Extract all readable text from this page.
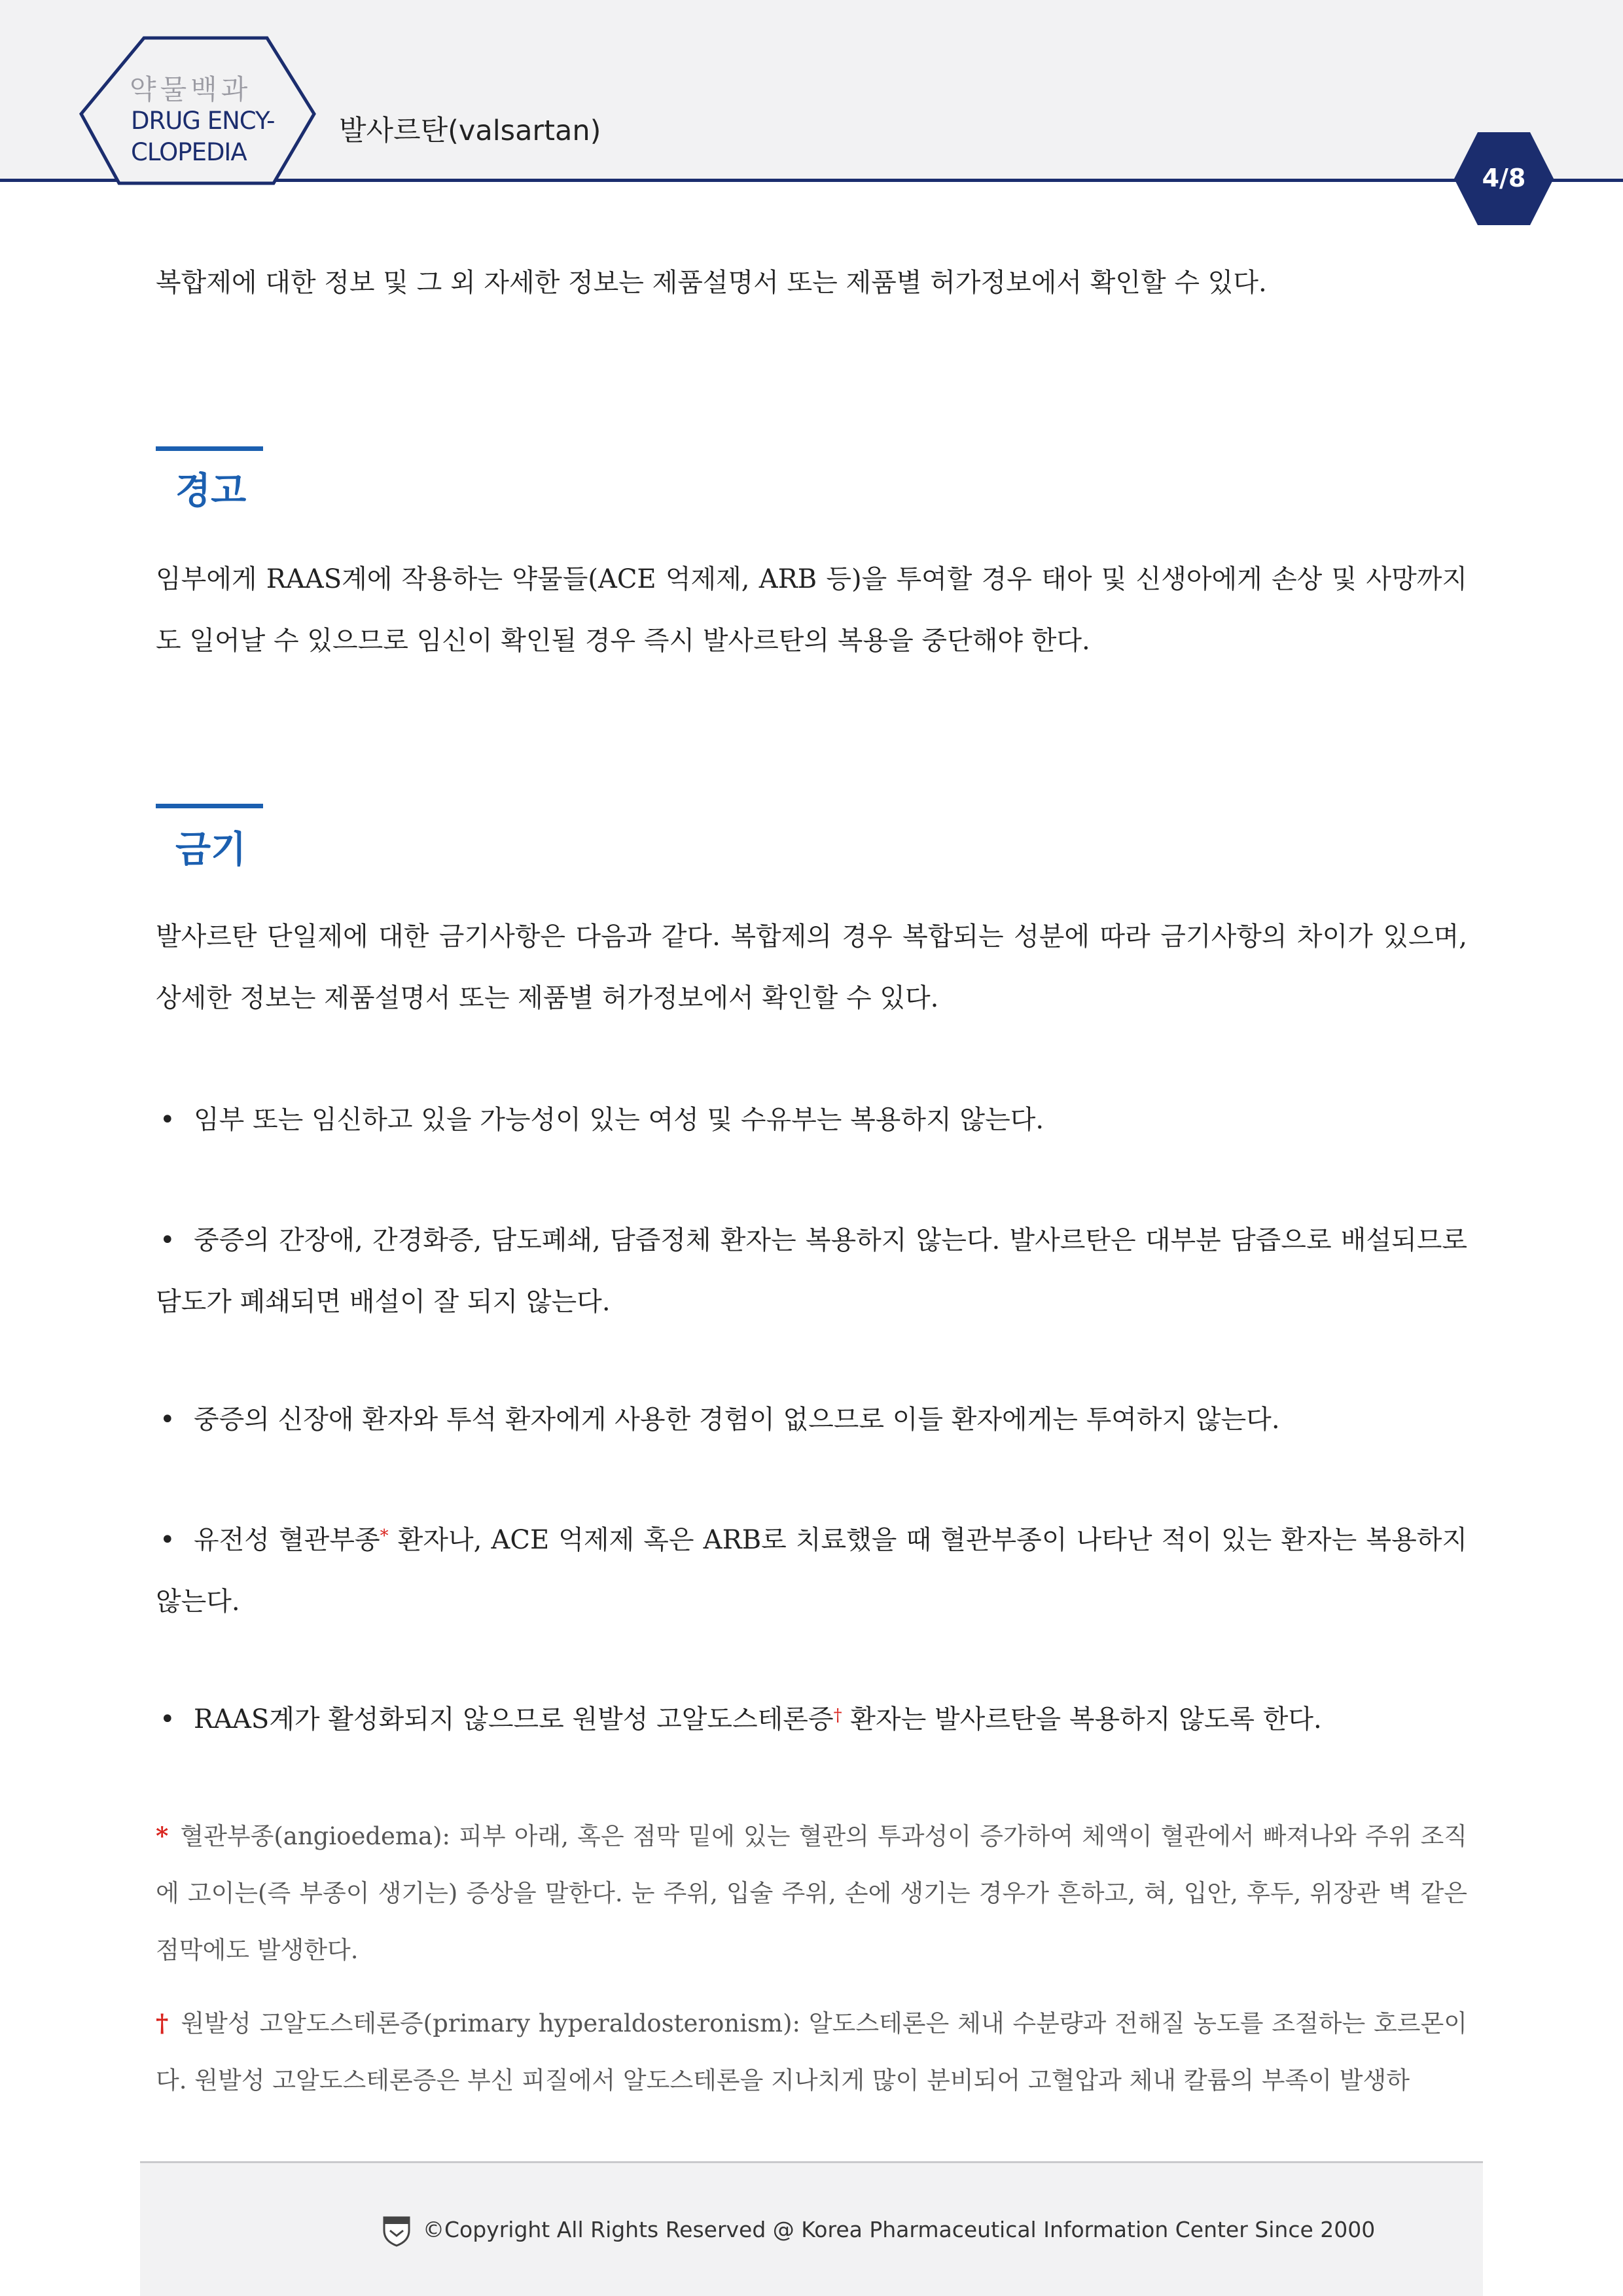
약물백과
DRUG ENCY-
CLOPEDIA
발사르탄(valsartan)
4/8
복합제에 대한 정보 및 그 외 자세한 정보는 제품설명서 또는 제품별 허가정보에서 확인할 수 있다.
경고
임부에게 RAAS계에 작용하는 약물들(ACE 억제제, ARB 등)을 투여할 경우 태아 및 신생아에게 손상 및 사망까지도 일어날 수 있으므로 임신이 확인될 경우 즉시 발사르탄의 복용을 중단해야 한다.
금기
발사르탄 단일제에 대한 금기사항은 다음과 같다. 복합제의 경우 복합되는 성분에 따라 금기사항의 차이가 있으며, 상세한 정보는 제품설명서 또는 제품별 허가정보에서 확인할 수 있다.
• 임부 또는 임신하고 있을 가능성이 있는 여성 및 수유부는 복용하지 않는다.
• 중증의 간장애, 간경화증, 담도폐쇄, 담즙정체 환자는 복용하지 않는다. 발사르탄은 대부분 담즙으로 배설되므로 담도가 폐쇄되면 배설이 잘 되지 않는다.
• 중증의 신장애 환자와 투석 환자에게 사용한 경험이 없으므로 이들 환자에게는 투여하지 않는다.
• 유전성 혈관부종* 환자나, ACE 억제제 혹은 ARB로 치료했을 때 혈관부종이 나타난 적이 있는 환자는 복용하지 않는다.
• RAAS계가 활성화되지 않으므로 원발성 고알도스테론증† 환자는 발사르탄을 복용하지 않도록 한다.
* 혈관부종(angioedema): 피부 아래, 혹은 점막 밑에 있는 혈관의 투과성이 증가하여 체액이 혈관에서 빠져나와 주위 조직에 고이는(즉 부종이 생기는) 증상을 말한다. 눈 주위, 입술 주위, 손에 생기는 경우가 흔하고, 혀, 입안, 후두, 위장관 벽 같은 점막에도 발생한다.
† 원발성 고알도스테론증(primary hyperaldosteronism): 알도스테론은 체내 수분량과 전해질 농도를 조절하는 호르몬이다. 원발성 고알도스테론증은 부신 피질에서 알도스테론을 지나치게 많이 분비되어 고혈압과 체내 칼륨의 부족이 발생하
©Copyright All Rights Reserved @ Korea Pharmaceutical Information Center Since 2000
